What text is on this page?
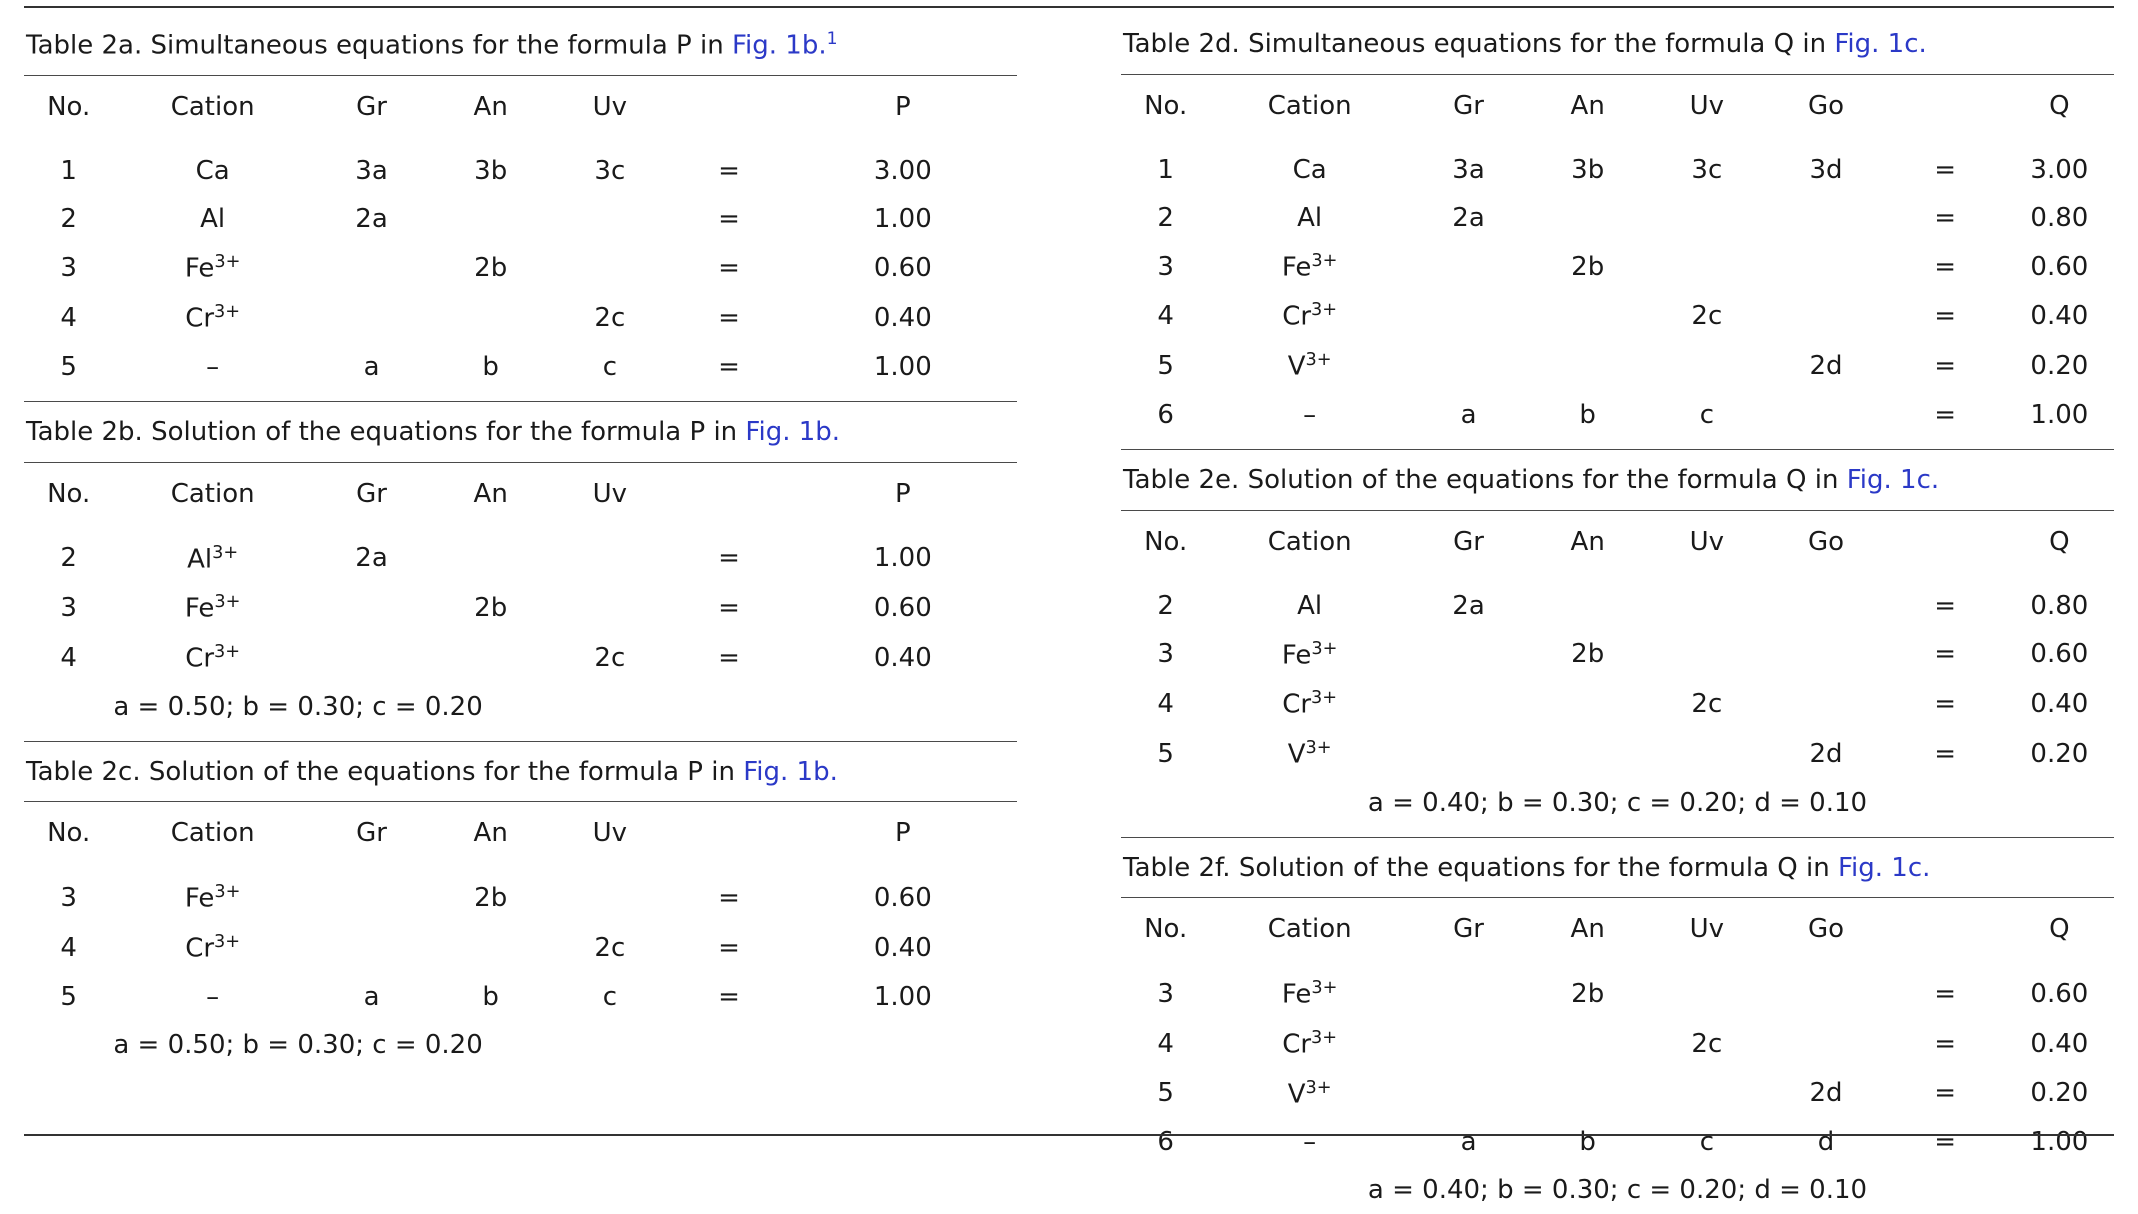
Table 2a. Simultaneous equations for the formula P in Fig. 1b.$^1$
No.	Cation	Gr	An	Uv		P
1	Ca	3a	3b	3c	=	3.00
2	Al	2a			=	1.00
3	$Fe^{3+}$		2b		=	0.60
4	$Cr^{3+}$			2c	=	0.40
5	–	a	b	c	=	1.00
Table 2b. Solution of the equations for the formula P in Fig. 1b.
No.	Cation	Gr	An	Uv		P
2	$Al^{3+}$	2a			=	1.00
3	$Fe^{3+}$		2b		=	0.60
4	$Cr^{3+}$			2c	=	0.40
a = 0.50; b = 0.30; c = 0.20						
Table 2c. Solution of the equations for the formula P in Fig. 1b.
No.	Cation	Gr	An	Uv		P
3	$Fe^{3+}$		2b		=	0.60
4	$Cr^{3+}$			2c	=	0.40
5	–	a	b	c	=	1.00
a = 0.50; b = 0.30; c = 0.20						
Table 2d. Simultaneous equations for the formula Q in Fig. 1c.
No.	Cation	Gr	An	Uv	Go		Q
1	Ca	3a	3b	3c	3d	=	3.00
2	Al	2a				=	0.80
3	$Fe^{3+}$		2b			=	0.60
4	$Cr^{3+}$			2c		=	0.40
5	$V^{3+}$				2d	=	0.20
6	–	a	b	c		=	1.00
Table 2e. Solution of the equations for the formula Q in Fig. 1c.
No.	Cation	Gr	An	Uv	Go		Q
2	Al	2a				=	0.80
3	$Fe^{3+}$		2b			=	0.60
4	$Cr^{3+}$			2c		=	0.40
5	$V^{3+}$				2d	=	0.20
a = 0.40; b = 0.30; c = 0.20; d = 0.10							
Table 2f. Solution of the equations for the formula Q in Fig. 1c.
No.	Cation	Gr	An	Uv	Go		Q
3	$Fe^{3+}$		2b			=	0.60
4	$Cr^{3+}$			2c		=	0.40
5	$V^{3+}$				2d	=	0.20
6	–	a	b	c	d	=	1.00
a = 0.40; b = 0.30; c = 0.20; d = 0.10							
